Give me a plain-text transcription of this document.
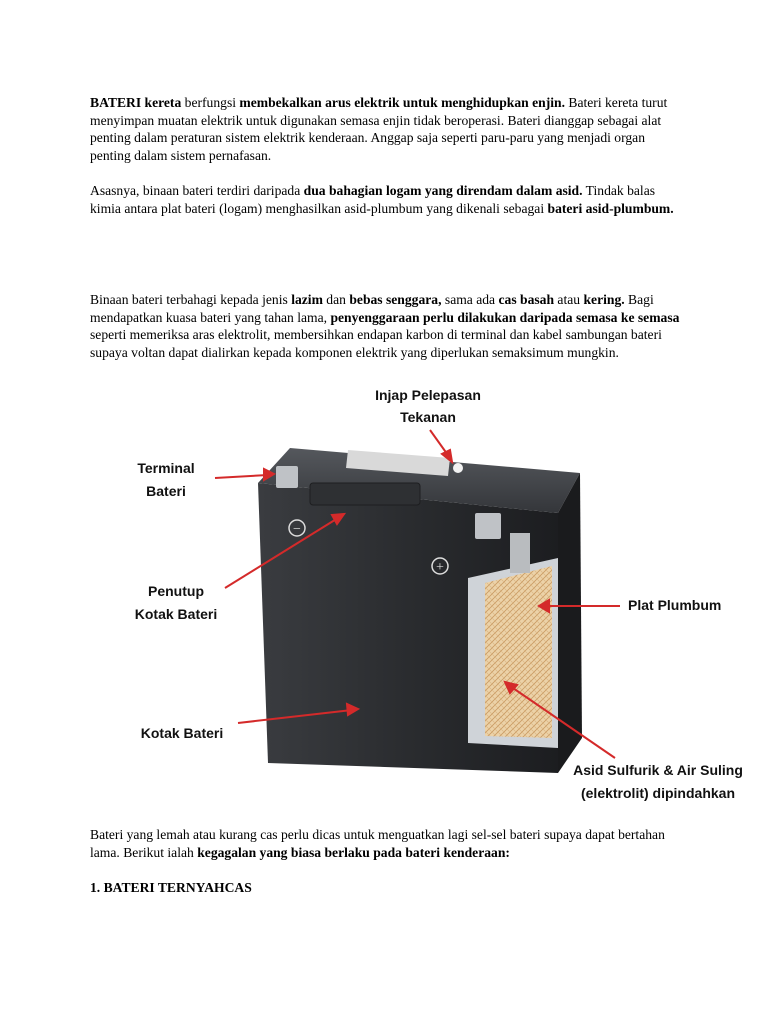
BATERI kereta berfungsi membekalkan arus elektrik untuk menghidupkan enjin. Bateri kereta turut menyimpan muatan elektrik untuk digunakan semasa enjin tidak beroperasi. Bateri dianggap sebagai alat penting dalam peraturan sistem elektrik kenderaan. Anggap saja seperti paru-paru yang menjadi organ penting dalam sistem pernafasan.

Asasnya, binaan bateri terdiri daripada dua bahagian logam yang direndam dalam asid. Tindak balas kimia antara plat bateri (logam) menghasilkan asid-plumbum yang dikenali sebagai bateri asid-plumbum.

Binaan bateri terbahagi kepada jenis lazim dan bebas senggara, sama ada cas basah atau kering. Bagi mendapatkan kuasa bateri yang tahan lama, penyenggaraan perlu dilakukan daripada semasa ke semasa seperti memeriksa aras elektrolit, membersihkan endapan karbon di terminal dan kabel sambungan bateri supaya voltan dapat dialirkan kepada komponen elektrik yang diperlukan semaksimum mungkin.

−
+
Injap Pelepasan
Tekanan
Terminal
Bateri
Penutup
Kotak Bateri
Plat Plumbum
Kotak Bateri
Asid Sulfurik & Air Suling
(elektrolit) dipindahkan

Bateri yang lemah atau kurang cas perlu dicas untuk menguatkan lagi sel-sel bateri supaya dapat bertahan lama. Berikut ialah kegagalan yang biasa berlaku pada bateri kenderaan:

1. BATERI TERNYAHCAS
